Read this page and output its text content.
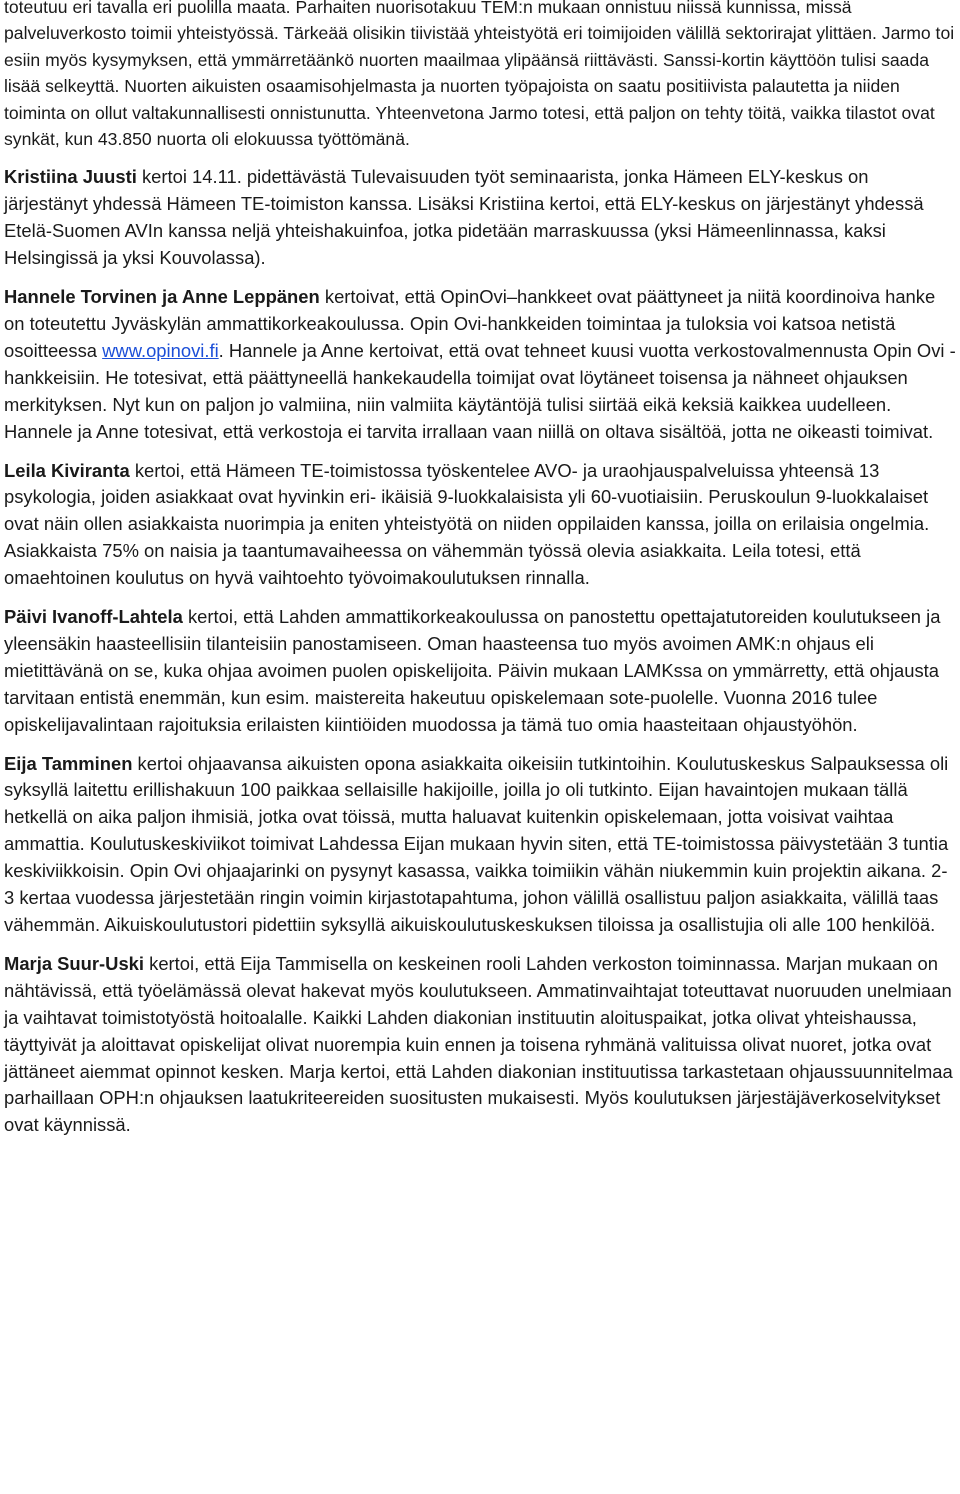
toteutuu eri tavalla eri puolilla maata. Parhaiten nuorisotakuu TEM:n mukaan onnistuu niissä kunnissa, missä palveluverkosto toimii yhteistyössä. Tärkeää olisikin tiivistää yhteistyötä eri toimijoiden välillä sektorirajat ylittäen. Jarmo toi esiin myös kysymyksen, että ymmärretäänkö nuorten maailmaa ylipäänsä riittävästi. Sanssi-kortin käyttöön tulisi saada lisää selkeyttä. Nuorten aikuisten osaamisohjelmasta ja nuorten työpajoista on saatu positiivista palautetta ja niiden toiminta on ollut valtakunnallisesti onnistunutta. Yhteenvetona Jarmo totesi, että paljon on tehty töitä, vaikka tilastot ovat synkät, kun 43.850 nuorta oli elokuussa työttömänä.

Kristiina Juusti kertoi 14.11. pidettävästä Tulevaisuuden työt seminaarista, jonka Hämeen ELY-keskus on järjestänyt yhdessä Hämeen TE-toimiston kanssa. Lisäksi Kristiina kertoi, että ELY-keskus on järjestänyt yhdessä Etelä-Suomen AVIn kanssa neljä yhteishakuinfoa, jotka pidetään marraskuussa (yksi Hämeenlinnassa, kaksi Helsingissä ja yksi Kouvolassa).

Hannele Torvinen ja Anne Leppänen kertoivat, että OpinOvi–hankkeet ovat päättyneet ja niitä koordinoiva hanke on toteutettu Jyväskylän ammattikorkeakoulussa. Opin Ovi-hankkeiden toimintaa ja tuloksia voi katsoa netistä osoitteessa www.opinovi.fi. Hannele ja Anne kertoivat, että ovat tehneet kuusi vuotta verkostovalmennusta Opin Ovi -hankkeisiin. He totesivat, että päättyneellä hankekaudella toimijat ovat löytäneet toisensa ja nähneet ohjauksen merkityksen. Nyt kun on paljon jo valmiina, niin valmiita käytäntöjä tulisi siirtää eikä keksiä kaikkea uudelleen. Hannele ja Anne totesivat, että verkostoja ei tarvita irrallaan vaan niillä on oltava sisältöä, jotta ne oikeasti toimivat.

Leila Kiviranta kertoi, että Hämeen TE-toimistossa työskentelee AVO- ja uraohjauspalveluissa yhteensä 13 psykologia, joiden asiakkaat ovat hyvinkin eri- ikäisiä 9-luokkalaisista yli 60-vuotiaisiin. Peruskoulun 9-luokkalaiset ovat näin ollen asiakkaista nuorimpia ja eniten yhteistyötä on niiden oppilaiden kanssa, joilla on erilaisia ongelmia. Asiakkaista 75% on naisia ja taantumavaiheessa on vähemmän työssä olevia asiakkaita. Leila totesi, että omaehtoinen koulutus on hyvä vaihtoehto työvoimakoulutuksen rinnalla.

Päivi Ivanoff-Lahtela kertoi, että Lahden ammattikorkeakoulussa on panostettu opettajatutoreiden koulutukseen ja yleensäkin haasteellisiin tilanteisiin panostamiseen. Oman haasteensa tuo myös avoimen AMK:n ohjaus eli mietittävänä on se, kuka ohjaa avoimen puolen opiskelijoita. Päivin mukaan LAMKssa on ymmärretty, että ohjausta tarvitaan entistä enemmän, kun esim. maistereita hakeutuu opiskelemaan sote-puolelle. Vuonna 2016 tulee opiskelijavalintaan rajoituksia erilaisten kiintiöiden muodossa ja tämä tuo omia haasteitaan ohjaustyöhön.

Eija Tamminen kertoi ohjaavansa aikuisten opona asiakkaita oikeisiin tutkintoihin. Koulutuskeskus Salpauksessa oli syksyllä laitettu erillishakuun 100 paikkaa sellaisille hakijoille, joilla jo oli tutkinto. Eijan havaintojen mukaan tällä hetkellä on aika paljon ihmisiä, jotka ovat töissä, mutta haluavat kuitenkin opiskelemaan, jotta voisivat vaihtaa ammattia. Koulutuskeskiviikot toimivat Lahdessa Eijan mukaan hyvin siten, että TE-toimistossa päivystetään 3 tuntia keskiviikkoisin. Opin Ovi ohjaajarinki on pysynyt kasassa, vaikka toimiikin vähän niukemmin kuin projektin aikana. 2-3 kertaa vuodessa järjestetään ringin voimin kirjastotapahtuma, johon välillä osallistuu paljon asiakkaita, välillä taas vähemmän. Aikuiskoulutustori pidettiin syksyllä aikuiskoulutuskeskuksen tiloissa ja osallistujia oli alle 100 henkilöä.

Marja Suur-Uski kertoi, että Eija Tammisella on keskeinen rooli Lahden verkoston toiminnassa. Marjan mukaan on nähtävissä, että työelämässä olevat hakevat myös koulutukseen. Ammatinvaihtajat toteuttavat nuoruuden unelmiaan ja vaihtavat toimistotyöstä hoitoalalle. Kaikki Lahden diakonian instituutin aloituspaikat, jotka olivat yhteishaussa, täyttyivät ja aloittavat opiskelijat olivat nuorempia kuin ennen ja toisena ryhmänä valituissa olivat nuoret, jotka ovat jättäneet aiemmat opinnot kesken. Marja kertoi, että Lahden diakonian instituutissa tarkastetaan ohjaussuunnitelmaa parhaillaan OPH:n ohjauksen laatukriteereiden suositusten mukaisesti. Myös koulutuksen järjestäjäverkoselvitykset ovat käynnissä.
